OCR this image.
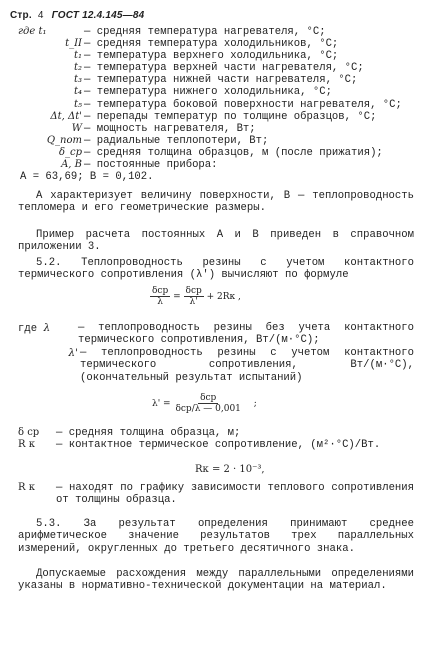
Стр. 4 ГОСТ 12.4.145—84
где t₁	— средняя температура нагревателя, °С;
t_II — средняя температура холодильников, °С;
t₁ — температура верхнего холодильника, °С;
t₂ — температура верхней части нагревателя, °С;
t₃ — температура нижней части нагревателя, °С;
t₄ — температура нижнего холодильника, °С;
t₅ — температура боковой поверхности нагревателя, °С;
Δt, Δt' — перепады температур по толщине образцов, °С;
W — мощность нагревателя, Вт;
Q_пот — радиальные теплопотери, Вт;
δ_ср — средняя толщина образцов, м (после прижатия);
A, B — постоянные прибора:
A = 63,69; B = 0,102.
A характеризует величину поверхности, B — теплопроводность тепломера и его геометрические размеры.
Пример расчета постоянных A и B приведен в справочном приложении 3.
5.2. Теплопроводность резины с учетом контактного термического сопротивления (λ') вычисляют по формуле
$\frac{\text{δср}}{\lambda} = \frac{\text{δср}}{\lambda'} + 2Rк$ ,
где λ	— теплопроводность резины без учета контактного термического сопротивления, Вт/(м·°С);
λ' — теплопроводность резины с учетом контактного термического сопротивления, Вт/(м·°С), (окончательный результат испытаний)
$\lambda' = \frac{\text{δср}}{\text{δср/λ — 0,001}}$ ;
δ ср	— средняя толщина образца, м;
R к	— контактное термическое сопротивление, (м²·°С)/Вт.
Rк = 2 · 10⁻³,
R к	— находят по графику зависимости теплового сопротивления от толщины образца.
5.3. За результат определения принимают среднее арифметическое значение результатов трех параллельных измерений, округленных до третьего десятичного знака.
Допускаемые расхождения между параллельными определениями указаны в нормативно-технической документации на материал.
